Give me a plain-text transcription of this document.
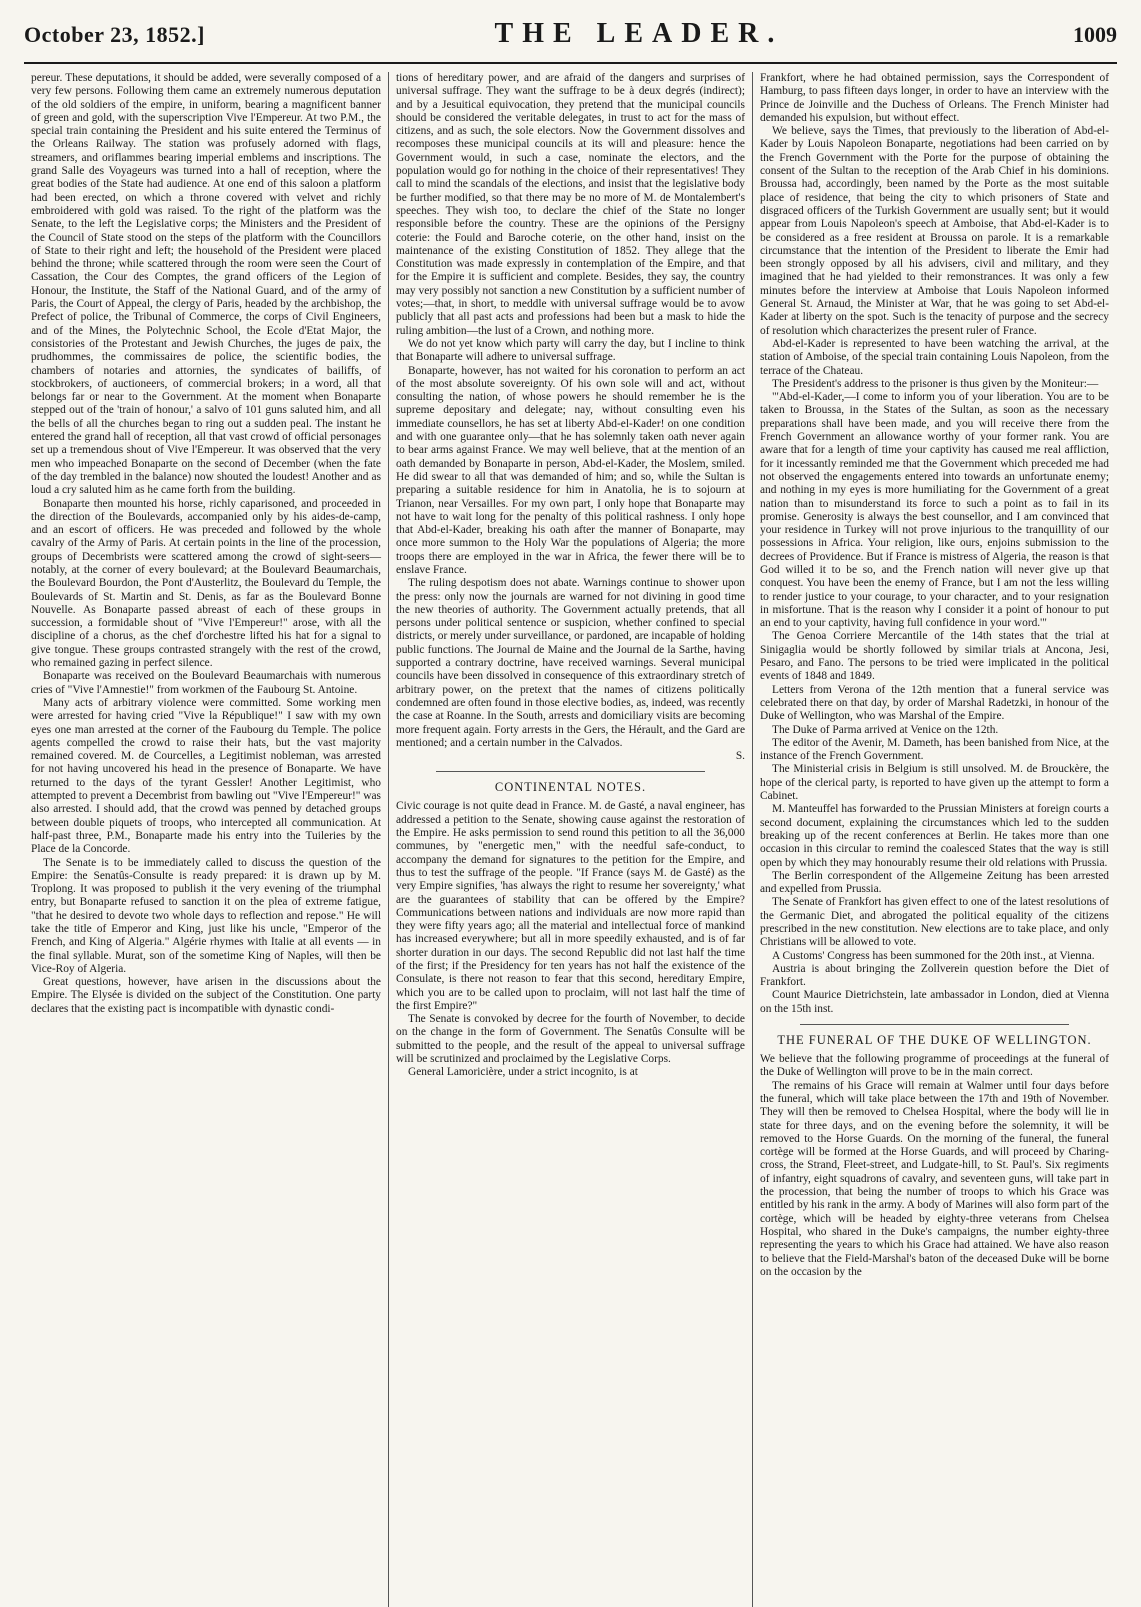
October 23, 1852.]	THE LEADER.	1009

pereur. These deputations, it should be added, were severally composed of a very few persons. Following them came an extremely numerous deputation of the old soldiers of the empire, in uniform, bearing a magnificent banner of green and gold, with the superscription Vive l'Empereur. At two P.M., the special train containing the President and his suite entered the Terminus of the Orleans Railway. The station was profusely adorned with flags, streamers, and oriflammes bearing imperial emblems and inscriptions. The grand Salle des Voyageurs was turned into a hall of reception, where the great bodies of the State had audience. At one end of this saloon a platform had been erected, on which a throne covered with velvet and richly embroidered with gold was raised. To the right of the platform was the Senate, to the left the Legislative corps; the Ministers and the President of the Council of State stood on the steps of the platform with the Councillors of State to their right and left; the household of the President were placed behind the throne; while scattered through the room were seen the Court of Cassation, the Cour des Comptes, the grand officers of the Legion of Honour, the Institute, the Staff of the National Guard, and of the army of Paris, the Court of Appeal, the clergy of Paris, headed by the archbishop, the Prefect of police, the Tribunal of Commerce, the corps of Civil Engineers, and of the Mines, the Polytechnic School, the Ecole d'Etat Major, the consistories of the Protestant and Jewish Churches, the juges de paix, the prudhommes, the commissaires de police, the scientific bodies, the chambers of notaries and attornies, the syndicates of bailiffs, of stockbrokers, of auctioneers, of commercial brokers; in a word, all that belongs far or near to the Government. At the moment when Bonaparte stepped out of the 'train of honour,' a salvo of 101 guns saluted him, and all the bells of all the churches began to ring out a sudden peal. The instant he entered the grand hall of reception, all that vast crowd of official personages set up a tremendous shout of Vive l'Empereur. It was observed that the very men who impeached Bonaparte on the second of December (when the fate of the day trembled in the balance) now shouted the loudest! Another and as loud a cry saluted him as he came forth from the building.

Bonaparte then mounted his horse, richly caparisoned, and proceeded in the direction of the Boulevards, accompanied only by his aides-de-camp, and an escort of officers. He was preceded and followed by the whole cavalry of the Army of Paris. At certain points in the line of the procession, groups of Decembrists were scattered among the crowd of sight-seers—notably, at the corner of every boulevard; at the Boulevard Beaumarchais, the Boulevard Bourdon, the Pont d'Austerlitz, the Boulevard du Temple, the Boulevards of St. Martin and St. Denis, as far as the Boulevard Bonne Nouvelle. As Bonaparte passed abreast of each of these groups in succession, a formidable shout of "Vive l'Empereur!" arose, with all the discipline of a chorus, as the chef d'orchestre lifted his hat for a signal to give tongue. These groups contrasted strangely with the rest of the crowd, who remained gazing in perfect silence.

Bonaparte was received on the Boulevard Beaumarchais with numerous cries of "Vive l'Amnestie!" from workmen of the Faubourg St. Antoine.

Many acts of arbitrary violence were committed. Some working men were arrested for having cried "Vive la République!" I saw with my own eyes one man arrested at the corner of the Faubourg du Temple. The police agents compelled the crowd to raise their hats, but the vast majority remained covered. M. de Courcelles, a Legitimist nobleman, was arrested for not having uncovered his head in the presence of Bonaparte. We have returned to the days of the tyrant Gessler! Another Legitimist, who attempted to prevent a Decembrist from bawling out "Vive l'Empereur!" was also arrested. I should add, that the crowd was penned by detached groups between double piquets of troops, who intercepted all communication. At half-past three, P.M., Bonaparte made his entry into the Tuileries by the Place de la Concorde.

The Senate is to be immediately called to discuss the question of the Empire: the Senatûs-Consulte is ready prepared: it is drawn up by M. Troplong. It was proposed to publish it the very evening of the triumphal entry, but Bonaparte refused to sanction it on the plea of extreme fatigue, "that he desired to devote two whole days to reflection and repose." He will take the title of Emperor and King, just like his uncle, "Emperor of the French, and King of Algeria." Algérie rhymes with Italie at all events — in the final syllable. Murat, son of the sometime King of Naples, will then be Vice-Roy of Algeria.

Great questions, however, have arisen in the discussions about the Empire. The Elysée is divided on the subject of the Constitution. One party declares that the existing pact is incompatible with dynastic condi-

tions of hereditary power, and are afraid of the dangers and surprises of universal suffrage. They want the suffrage to be à deux degrés (indirect); and by a Jesuitical equivocation, they pretend that the municipal councils should be considered the veritable delegates, in trust to act for the mass of citizens, and as such, the sole electors. Now the Government dissolves and recomposes these municipal councils at its will and pleasure: hence the Government would, in such a case, nominate the electors, and the population would go for nothing in the choice of their representatives! They call to mind the scandals of the elections, and insist that the legislative body be further modified, so that there may be no more of M. de Montalembert's speeches. They wish too, to declare the chief of the State no longer responsible before the country. These are the opinions of the Persigny coterie: the Fould and Baroche coterie, on the other hand, insist on the maintenance of the existing Constitution of 1852. They allege that the Constitution was made expressly in contemplation of the Empire, and that for the Empire it is sufficient and complete. Besides, they say, the country may very possibly not sanction a new Constitution by a sufficient number of votes;—that, in short, to meddle with universal suffrage would be to avow publicly that all past acts and professions had been but a mask to hide the ruling ambition—the lust of a Crown, and nothing more.

We do not yet know which party will carry the day, but I incline to think that Bonaparte will adhere to universal suffrage.

Bonaparte, however, has not waited for his coronation to perform an act of the most absolute sovereignty. Of his own sole will and act, without consulting the nation, of whose powers he should remember he is the supreme depositary and delegate; nay, without consulting even his immediate counsellors, he has set at liberty Abd-el-Kader! on one condition and with one guarantee only—that he has solemnly taken oath never again to bear arms against France. We may well believe, that at the mention of an oath demanded by Bonaparte in person, Abd-el-Kader, the Moslem, smiled. He did swear to all that was demanded of him; and so, while the Sultan is preparing a suitable residence for him in Anatolia, he is to sojourn at Trianon, near Versailles. For my own part, I only hope that Bonaparte may not have to wait long for the penalty of this political rashness. I only hope that Abd-el-Kader, breaking his oath after the manner of Bonaparte, may once more summon to the Holy War the populations of Algeria; the more troops there are employed in the war in Africa, the fewer there will be to enslave France.

The ruling despotism does not abate. Warnings continue to shower upon the press: only now the journals are warned for not divining in good time the new theories of authority. The Government actually pretends, that all persons under political sentence or suspicion, whether confined to special districts, or merely under surveillance, or pardoned, are incapable of holding public functions. The Journal de Maine and the Journal de la Sarthe, having supported a contrary doctrine, have received warnings. Several municipal councils have been dissolved in consequence of this extraordinary stretch of arbitrary power, on the pretext that the names of citizens politically condemned are often found in those elective bodies, as, indeed, was recently the case at Roanne. In the South, arrests and domiciliary visits are becoming more frequent again. Forty arrests in the Gers, the Hérault, and the Gard are mentioned; and a certain number in the Calvados.

S.

CONTINENTAL NOTES.

Civic courage is not quite dead in France. M. de Gasté, a naval engineer, has addressed a petition to the Senate, showing cause against the restoration of the Empire. He asks permission to send round this petition to all the 36,000 communes, by "energetic men," with the needful safe-conduct, to accompany the demand for signatures to the petition for the Empire, and thus to test the suffrage of the people. "If France (says M. de Gasté) as the very Empire signifies, 'has always the right to resume her sovereignty,' what are the guarantees of stability that can be offered by the Empire? Communications between nations and individuals are now more rapid than they were fifty years ago; all the material and intellectual force of mankind has increased everywhere; but all in more speedily exhausted, and is of far shorter duration in our days. The second Republic did not last half the time of the first; if the Presidency for ten years has not half the existence of the Consulate, is there not reason to fear that this second, hereditary Empire, which you are to be called upon to proclaim, will not last half the time of the first Empire?"

The Senate is convoked by decree for the fourth of November, to decide on the change in the form of Government. The Senatûs Consulte will be submitted to the people, and the result of the appeal to universal suffrage will be scrutinized and proclaimed by the Legislative Corps.

General Lamoricière, under a strict incognito, is at

Frankfort, where he had obtained permission, says the Correspondent of Hamburg, to pass fifteen days longer, in order to have an interview with the Prince de Joinville and the Duchess of Orleans. The French Minister had demanded his expulsion, but without effect.

We believe, says the Times, that previously to the liberation of Abd-el-Kader by Louis Napoleon Bonaparte, negotiations had been carried on by the French Government with the Porte for the purpose of obtaining the consent of the Sultan to the reception of the Arab Chief in his dominions. Broussa had, accordingly, been named by the Porte as the most suitable place of residence, that being the city to which prisoners of State and disgraced officers of the Turkish Government are usually sent; but it would appear from Louis Napoleon's speech at Amboise, that Abd-el-Kader is to be considered as a free resident at Broussa on parole. It is a remarkable circumstance that the intention of the President to liberate the Emir had been strongly opposed by all his advisers, civil and military, and they imagined that he had yielded to their remonstrances. It was only a few minutes before the interview at Amboise that Louis Napoleon informed General St. Arnaud, the Minister at War, that he was going to set Abd-el-Kader at liberty on the spot. Such is the tenacity of purpose and the secrecy of resolution which characterizes the present ruler of France.

Abd-el-Kader is represented to have been watching the arrival, at the station of Amboise, of the special train containing Louis Napoleon, from the terrace of the Chateau.

The President's address to the prisoner is thus given by the Moniteur:—

"'Abd-el-Kader,—I come to inform you of your liberation. You are to be taken to Broussa, in the States of the Sultan, as soon as the necessary preparations shall have been made, and you will receive there from the French Government an allowance worthy of your former rank. You are aware that for a length of time your captivity has caused me real affliction, for it incessantly reminded me that the Government which preceded me had not observed the engagements entered into towards an unfortunate enemy; and nothing in my eyes is more humiliating for the Government of a great nation than to misunderstand its force to such a point as to fail in its promise. Generosity is always the best counsellor, and I am convinced that your residence in Turkey will not prove injurious to the tranquillity of our possessions in Africa. Your religion, like ours, enjoins submission to the decrees of Providence. But if France is mistress of Algeria, the reason is that God willed it to be so, and the French nation will never give up that conquest. You have been the enemy of France, but I am not the less willing to render justice to your courage, to your character, and to your resignation in misfortune. That is the reason why I consider it a point of honour to put an end to your captivity, having full confidence in your word.'"

The Genoa Corriere Mercantile of the 14th states that the trial at Sinigaglia would be shortly followed by similar trials at Ancona, Jesi, Pesaro, and Fano. The persons to be tried were implicated in the political events of 1848 and 1849.

Letters from Verona of the 12th mention that a funeral service was celebrated there on that day, by order of Marshal Radetzki, in honour of the Duke of Wellington, who was Marshal of the Empire.

The Duke of Parma arrived at Venice on the 12th.

The editor of the Avenir, M. Dameth, has been banished from Nice, at the instance of the French Government.

The Ministerial crisis in Belgium is still unsolved. M. de Brouckère, the hope of the clerical party, is reported to have given up the attempt to form a Cabinet.

M. Manteuffel has forwarded to the Prussian Ministers at foreign courts a second document, explaining the circumstances which led to the sudden breaking up of the recent conferences at Berlin. He takes more than one occasion in this circular to remind the coalesced States that the way is still open by which they may honourably resume their old relations with Prussia.

The Berlin correspondent of the Allgemeine Zeitung has been arrested and expelled from Prussia.

The Senate of Frankfort has given effect to one of the latest resolutions of the Germanic Diet, and abrogated the political equality of the citizens prescribed in the new constitution. New elections are to take place, and only Christians will be allowed to vote.

A Customs' Congress has been summoned for the 20th inst., at Vienna.

Austria is about bringing the Zollverein question before the Diet of Frankfort.

Count Maurice Dietrichstein, late ambassador in London, died at Vienna on the 15th inst.

THE FUNERAL OF THE DUKE OF WELLINGTON.

We believe that the following programme of proceedings at the funeral of the Duke of Wellington will prove to be in the main correct.

The remains of his Grace will remain at Walmer until four days before the funeral, which will take place between the 17th and 19th of November. They will then be removed to Chelsea Hospital, where the body will lie in state for three days, and on the evening before the solemnity, it will be removed to the Horse Guards. On the morning of the funeral, the funeral cortège will be formed at the Horse Guards, and will proceed by Charing-cross, the Strand, Fleet-street, and Ludgate-hill, to St. Paul's. Six regiments of infantry, eight squadrons of cavalry, and seventeen guns, will take part in the procession, that being the number of troops to which his Grace was entitled by his rank in the army. A body of Marines will also form part of the cortège, which will be headed by eighty-three veterans from Chelsea Hospital, who shared in the Duke's campaigns, the number eighty-three representing the years to which his Grace had attained. We have also reason to believe that the Field-Marshal's baton of the deceased Duke will be borne on the occasion by the
